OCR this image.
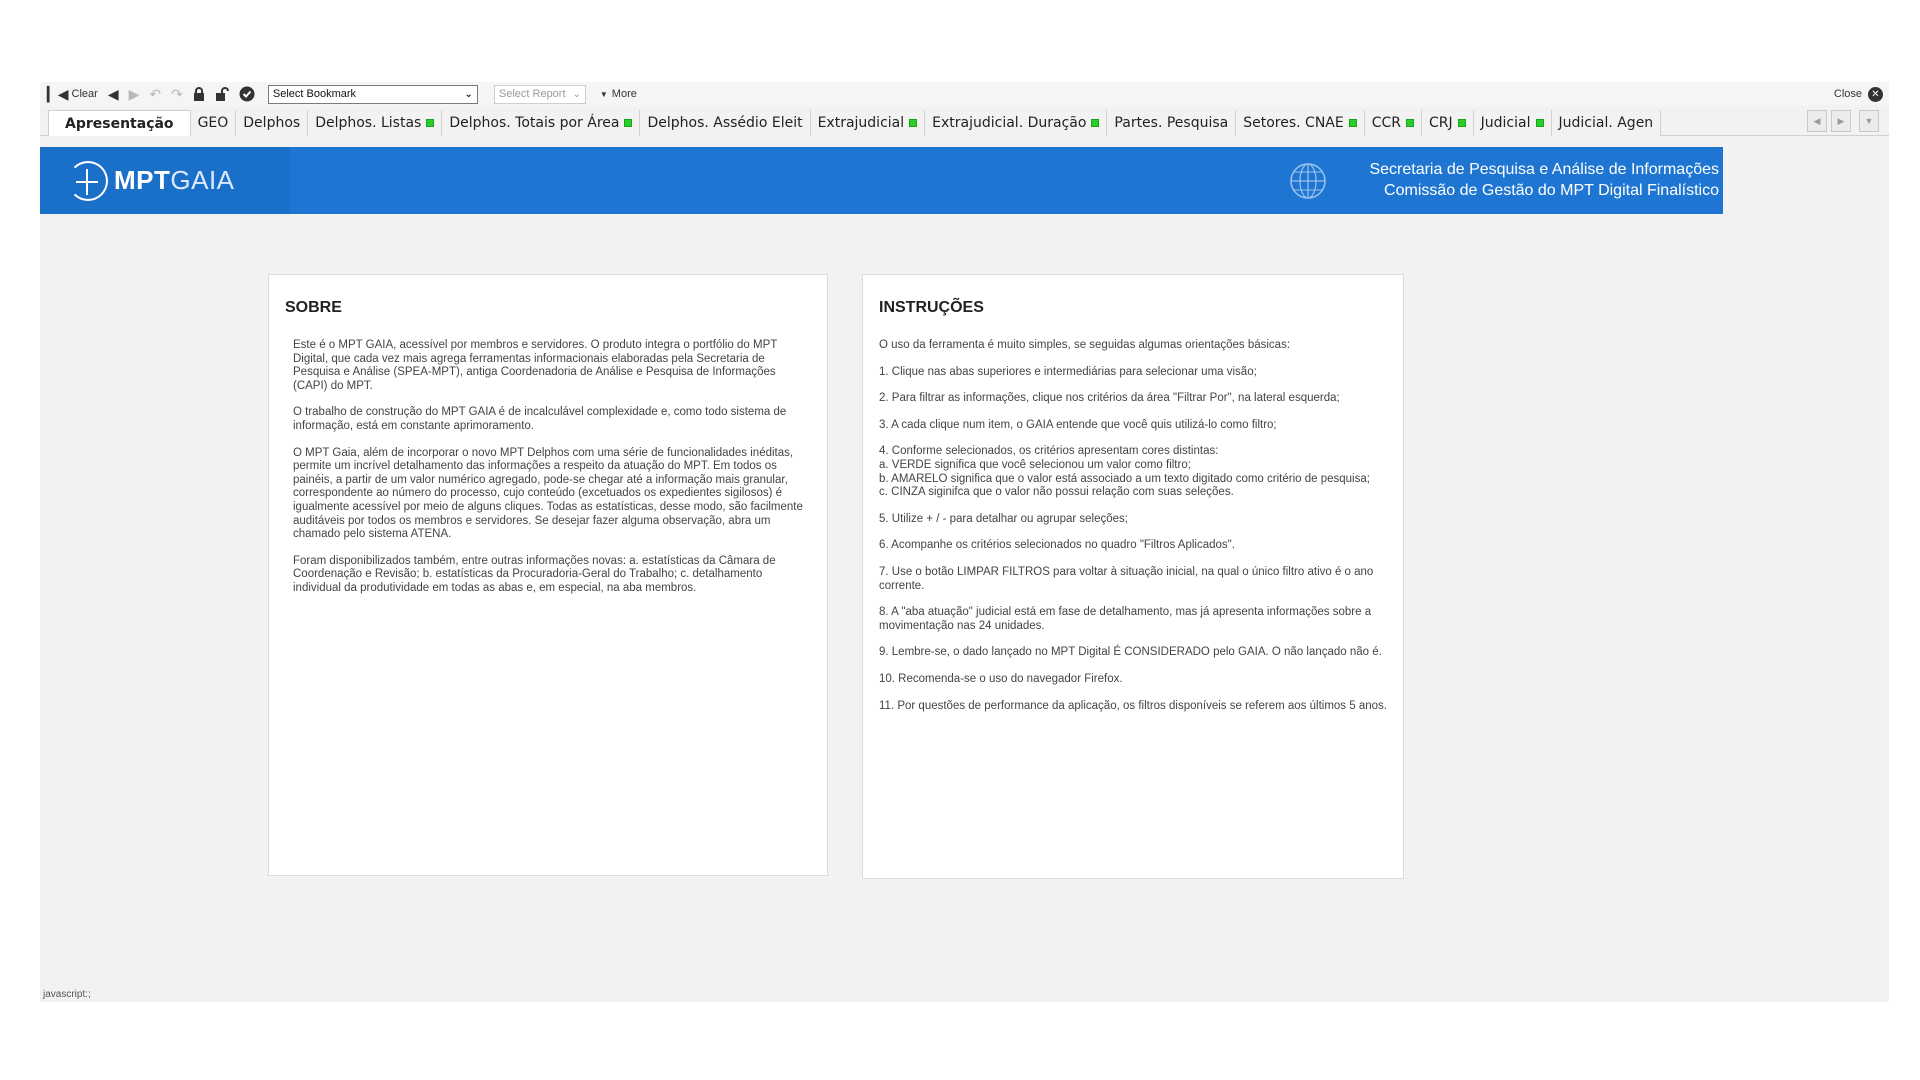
▎◀ Clear ◀ ▶ ↶ ↷	Select Bookmark	⌄ Select Report ⌄ ▼ More	Close ✕
Apresentação GEO Delphos Delphos. Listas Delphos. Totais por Área Delphos. Assédio Eleit Extrajudicial Extrajudicial. Duração Partes. Pesquisa Setores. CNAE CCR CRJ Judicial Judicial. Agen	◀ ▶ ▼
MPTGAIA	Secretaria de Pesquisa e Análise de Informações
Comissão de Gestão do MPT Digital Finalístico
SOBRE

Este é o MPT GAIA, acessível por membros e servidores. O produto integra o portfólio do MPT Digital, que cada vez mais agrega ferramentas informacionais elaboradas pela Secretaria de Pesquisa e Análise (SPEA-MPT), antiga Coordenadoria de Análise e Pesquisa de Informações (CAPI) do MPT.

O trabalho de construção do MPT GAIA é de incalculável complexidade e, como todo sistema de informação, está em constante aprimoramento.

O MPT Gaia, além de incorporar o novo MPT Delphos com uma série de funcionalidades inéditas, permite um incrível detalhamento das informações a respeito da atuação do MPT. Em todos os painéis, a partir de um valor numérico agregado, pode-se chegar até a informação mais granular, correspondente ao número do processo, cujo conteúdo (excetuados os expedientes sigilosos) é igualmente acessível por meio de alguns cliques. Todas as estatísticas, desse modo, são facilmente auditáveis por todos os membros e servidores. Se desejar fazer alguma observação, abra um chamado pelo sistema ATENA.

Foram disponibilizados também, entre outras informações novas: a. estatísticas da Câmara de Coordenação e Revisão; b. estatísticas da Procuradoria-Geral do Trabalho; c. detalhamento individual da produtividade em todas as abas e, em especial, na aba membros.

INSTRUÇÕES

O uso da ferramenta é muito simples, se seguidas algumas orientações básicas:

1. Clique nas abas superiores e intermediárias para selecionar uma visão;

2. Para filtrar as informações, clique nos critérios da área "Filtrar Por", na lateral esquerda;

3. A cada clique num item, o GAIA entende que você quis utilizá-lo como filtro;

4. Conforme selecionados, os critérios apresentam cores distintas:
a. VERDE significa que você selecionou um valor como filtro;
b. AMARELO significa que o valor está associado a um texto digitado como critério de pesquisa;
c. CINZA siginifca que o valor não possui relação com suas seleções.

5. Utilize + / - para detalhar ou agrupar seleções;

6. Acompanhe os critérios selecionados no quadro "Filtros Aplicados".

7. Use o botão LIMPAR FILTROS para voltar à situação inicial, na qual o único filtro ativo é o ano corrente.

8. A "aba atuação" judicial está em fase de detalhamento, mas já apresenta informações sobre a movimentação nas 24 unidades.

9. Lembre-se, o dado lançado no MPT Digital É CONSIDERADO pelo GAIA. O não lançado não é.

10. Recomenda-se o uso do navegador Firefox.

11. Por questões de performance da aplicação, os filtros disponíveis se referem aos últimos 5 anos.

javascript:;
